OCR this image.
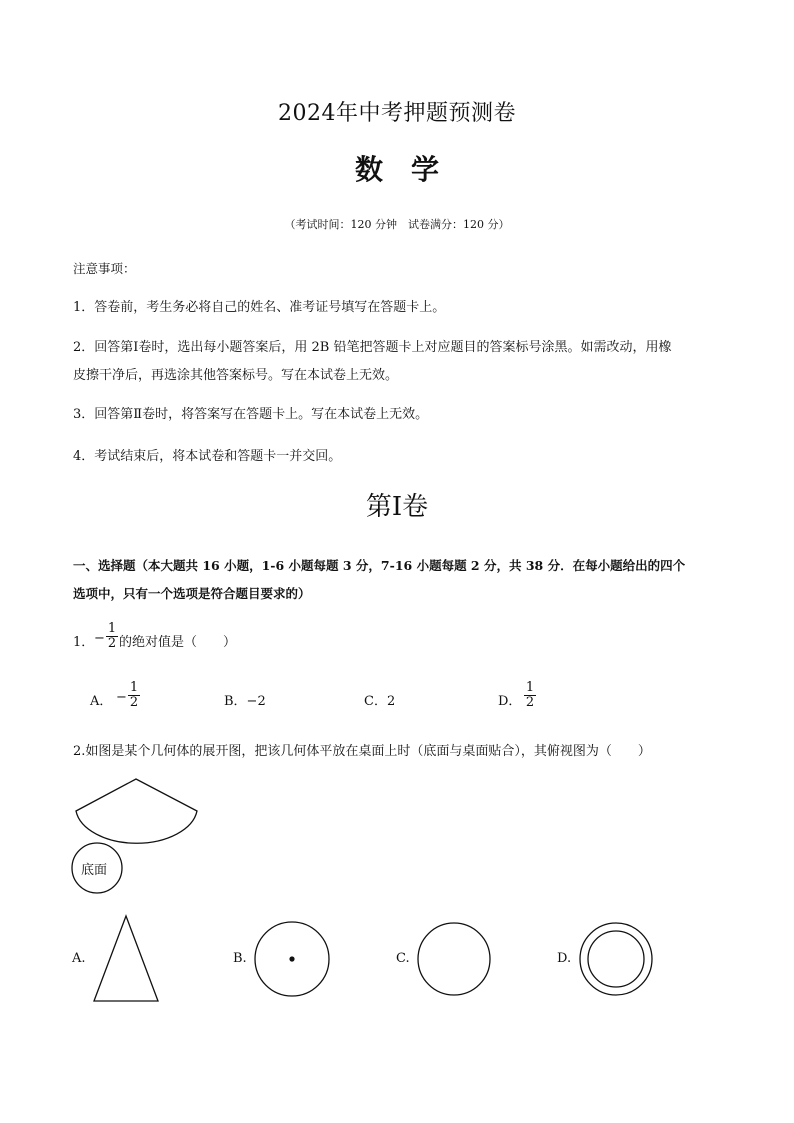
2024年中考押题预测卷
数学
（考试时间：120 分钟　试卷满分：120 分）
注意事项：
1．答卷前，考生务必将自己的姓名、准考证号填写在答题卡上。
2．回答第Ⅰ卷时，选出每小题答案后，用 2B 铅笔把答题卡上对应题目的答案标号涂黑。如需改动，用橡
皮擦干净后，再选涂其他答案标号。写在本试卷上无效。
3．回答第Ⅱ卷时，将答案写在答题卡上。写在本试卷上无效。
4．考试结束后，将本试卷和答题卡一并交回。
第Ⅰ卷
一、选择题（本大题共 16 小题，1-6 小题每题 3 分，7-16 小题每题 2 分，共 38 分．在每小题给出的四个
选项中，只有一个选项是符合题目要求的）
1． − $\frac{1}{2}$ 的绝对值是（　　）
A． − $\frac{1}{2}$	B．−2	C．2	D． $\frac{1}{2}$
2.如图是某个几何体的展开图，把该几何体平放在桌面上时（底面与桌面贴合），其俯视图为（　　）
底面
A.	B.	C.	D.
